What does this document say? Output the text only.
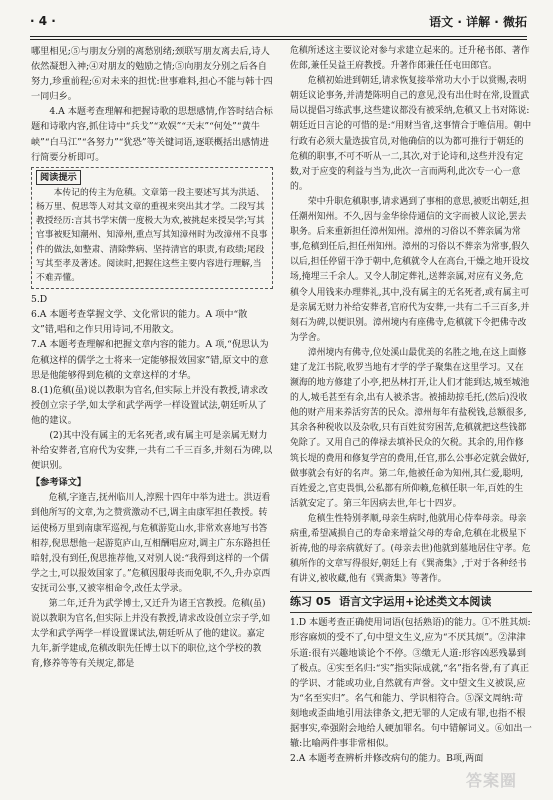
· 4 ·	语文 · 详解 · 微拓

哪里相见;⑤与朋友分别的离愁别绪;颈联写朋友离去后,诗人依然凝想入神;④对朋友的勉励之情;⑤向朋友分别之后各自努力,珍重前程;⑥对未来的担忧:世事难料,担心不能与韩十四一同归乡。

4.A 本题考查理解和把握诗歌的思想感情,作答时结合标题和诗歌内容,抓住诗中“兵戈”“欢娱”“天末”“何处”“黄牛峡”“白马江”“各努力”“犹恐”等关键词语,逐联概括出感情进行简要分析即可。

阅读提示

本传记的传主为危稹。文章第一段主要述写其为洪适、杨万里、倪思等人对其文章的重视来突出其才学。二段写其教授经历:言其书学宋儒一度极大为欢,被挑起来授吴学;写其官事被贬知潮州、知漳州,重点写其知漳州时为改漳州不良事件的做法,如整肃、清除弊病、坚持清官的职责,有政绩;尾段写其至孝及著述。阅读时,把握住这些主要内容进行理解,当不难弄懂。

5.D

6.A 本题考查掌握文学、文化常识的能力。A 项中“散文”错,唱和之作只用诗词,不用散文。

7.A 本题考查理解和把握文章内容的能力。A 项,“倪思认为危稹这样的儒学之士将来一定能够报效国家”错,原文中的意思是他能够得到危稹的文章这样的才华。

8.(1)危稹(虽)说以教职为官名,但实际上并没有教授,请求改授创立宗子学,如太学和武学两学一样设置试法,朝廷听从了他的建议。

(2)其中没有属主的无名死者,或有属主可是亲属无财力补给安葬者,官府代为安葬,一共有二千三百多,并刻石为碑,以便识别。

【参考译文】

危稹,字逢吉,抚州临川人,淳熙十四年中举为进士。洪迈看到他所写的文章,为之赞赏激动不已,调主由康军担任教授。转运使杨万里到南康军巡视,与危稹游览山水,非常欢喜地写书答相荐,倪思想他一起游览庐山,互相酬唱应对,调主广东东路担任暗射,没有到任,倪思推荐他,又对别人说:“我得到这样的一个儒学之士,可以报效国家了。”危稹因服母丧而免职,不久,升办京西安抚司公事,又被宰相命令,改任太学录。

第二年,迁升为武学博士,又迁升为诸王宫教授。危稹(虽)说以教职为官名,但实际上并没有教授,请求改设创立宗子学,如太学和武学两学一样设置课试法,朝廷听从了他的建议。嘉定九年,新学建成,危稹改职先任博士以下的职位,这个学校的教育,修养等等有关规定,都是

危稹所述这主要议论对参与求建立起来的。迁升秘书郎、著作佐郎,兼任吴益王府教授。升著作郎兼任任屯田郎官。

危稹初始进到朝廷,请求恢复接举常功大小于以赏赐,表明朝廷议论事务,并清楚陈明自己的意见,没有出仕时在常,设置武局以提倡习练武事,这些建议都没有被采纳,危稹又上书对陈说:朝廷近日言论的可惜的是:“用财当省,这事情合于唯信用。朝中行政有必须大量选拔官员,对他确信的以为都可推行于朝廷的危稹的职事,不可不听从一二,其次,对于论诗和,这些并没有定数,对于应变的利益与当为,此次一言而两利,此次专一心一意的。

荣中升职危稹职事,请求遇到了事相的意思,被贬出朝廷,担任潮州知州。不久,因与金华徐侍通信的文字而被人议论,罢去职务。后来重新担任漳州知州。漳州的习俗以不葬亲属为常事,危稹到任后,担任州知州。漳州的习俗以不葬亲为常事,假久以后,担任停留干净于朝中,危稹就令人在高台,干燥之地开设坟场,掩埋三千余人。又令人制定葬礼,送葬亲属,对应有义务,危稹令人用钱来办理葬礼,其中,没有属主的无名死者,或有属主可是亲属无财力补给安葬者,官府代为安葬,一共有二千三百多,并刻石为碑,以便识别。漳州境内有座佛寺,危稹就下令把佛寺改为学舍。

漳州境内有佛寺,位处溪山最优美的名胜之地,在这上面修建了龙江书院,收罗当地有才学的学子聚集在这里学习。又在濒海的地方修建了小亭,把丛林打开,让人们才能到达,城至城池的人,城毛甚至有余,出有人被杀害。被捕劫掠毛托,(然后)没收他的财产用来养活穷苦的民众。漳州每年有盐税钱,总额很多,其余各种税收以及杂收,只有百姓贫穷困苦,危稹就把这些钱都免除了。又用自己的俸禄去填补民众的欠税。其余的,用作修筑长堤的费用和修复学宫的费用,任官,那么公事必定就会做好,做事就会有好的名声。第二年,他被任命为知州,其仁爱,聪明,百姓爱之,官吏畏惧,公私都有所仰赖,危稹任职一年,百姓的生活就安定了。第三年因病去世,年七十四岁。

危稹生性特别孝顺,母亲生病时,他就用心侍奉母亲。母亲病重,希望减损自己的寿命来增益父母的寿命,危稹在北极星下祈祷,他的母亲病就好了。(母亲去世)他就到墓地居住守孝。危稹所作的文章写得很好,朝廷上有《巽斋集》,于对于各种经书有讲义,被收藏,他有《巽斋集》等著作。

练习 05 语言文字运用+论述类文本阅读

1.D 本题考查正确使用词语(包括熟语)的能力。①不胜其烦:形容麻烦的受不了,句中望文生义,应为“不厌其烦”。②津津乐道:很有兴趣地谈论个不停。③缴无人道:形容凶恶残暴到了极点。④实至名归:“实”指实际成就,“名”指名誉,有了真正的学识、才能或功业,自然就有声誉。文中望文生义被误,应为“名至实归”。名气和能力、学识相符合。⑤深文周纳:苛刻地或歪曲地引用法律条文,把无罪的人定成有罪,也指不根据事实,牵强附会地给人硬加罪名。句中错解词义。⑥如出一辙:比喻两件事非常相似。

2.A 本题考查辨析并修改病句的能力。B项,两面

答案圈
